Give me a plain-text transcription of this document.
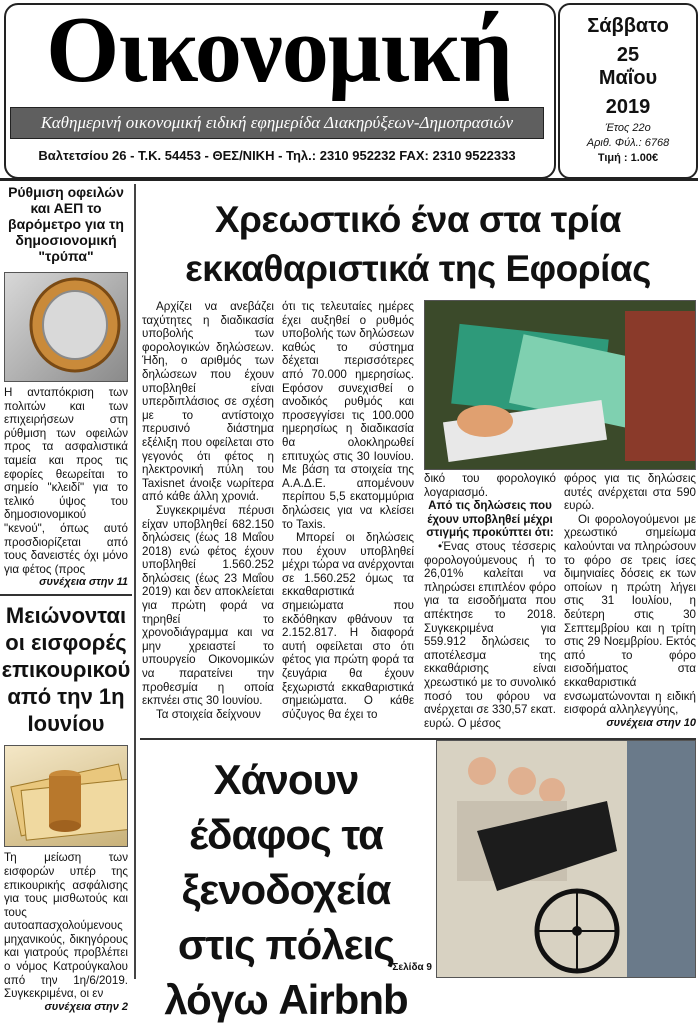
Οικονομική
Καθημερινή οικονομική ειδική εφημερίδα Διακηρύξεων-Δημοπρασιών
Βαλτετσίου 26 - Τ.Κ. 54453 - ΘΕΣ/ΝΙΚΗ - Τηλ.: 2310 952232 FAX: 2310 9522333
Σάββατο
25
Μαΐου
2019
Έτος 22ο
Αριθ. Φύλ.: 6768
Τιμή : 1.00€
Ρύθμιση οφειλών και ΑΕΠ το βαρόμετρο για τη δημοσιονομική "τρύπα"
Η ανταπόκριση των πολιτών και των επιχειρήσεων στη ρύθμιση των οφειλών προς τα ασφαλιστικά ταμεία και προς τις εφορίες θεωρείται το σημείο "κλειδί" για το τελικό ύψος του δημοσιονομικού "κενού", όπως αυτό προσδιορίζεται από τους δανειστές όχι μόνο για φέτος (προς
συνέχεια στην 11
Μειώνονται οι εισφορές επικουρικού από την 1η Ιουνίου
Τη μείωση των εισφορών υπέρ της επικουρικής ασφάλισης για τους μισθωτούς και τους αυτοαπασχολούμενους μηχανικούς, δικηγόρους και γιατρούς προβλέπει ο νόμος Κατρούγκαλου από την 1η/6/2019. Συγκεκριμένα, οι εν
συνέχεια στην 2
Χρεωστικό ένα στα τρία εκκαθαριστικά της Εφορίας

Αρχίζει να ανεβάζει ταχύτητες η διαδικασία υποβολής των φορολογικών δηλώσεων. Ήδη, ο αριθμός των δηλώσεων που έχουν υποβληθεί είναι υπερδιπλάσιος σε σχέση με το αντίστοιχο περυσινό διάστημα εξέλιξη που οφείλεται στο γεγονός ότι φέτος η ηλεκτρονική πύλη του Taxisnet άνοιξε νωρίτερα από κάθε άλλη χρονιά.

Συγκεκριμένα πέρυσι είχαν υποβληθεί 682.150 δηλώσεις (έως 18 Μαΐου 2018) ενώ φέτος έχουν υποβληθεί 1.560.252 δηλώσεις (έως 23 Μαΐου 2019) και δεν αποκλείεται για πρώτη φορά να τηρηθεί το χρονοδιάγραμμα και να μην χρειαστεί το υπουργείο Οικονομικών να παρατείνει την προθεσμία η οποία εκπνέει στις 30 Ιουνίου.

Τα στοιχεία δείχνουν

ότι τις τελευταίες ημέρες έχει αυξηθεί ο ρυθμός υποβολής των δηλώσεων καθώς το σύστημα δέχεται περισσότερες από 70.000 ημερησίως. Εφόσον συνεχισθεί ο ανοδικός ρυθμός και προσεγγίσει τις 100.000 ημερησίως η διαδικασία θα ολοκληρωθεί επιτυχώς στις 30 Ιουνίου. Με βάση τα στοιχεία της Α.Α.Δ.Ε. απομένουν περίπου 5,5 εκατομμύρια δηλώσεις για να κλείσει το Taxis.

Μπορεί οι δηλώσεις που έχουν υποβληθεί μέχρι τώρα να ανέρχονται σε 1.560.252 όμως τα εκκαθαριστικά σημειώματα που εκδόθηκαν φθάνουν τα 2.152.817. Η διαφορά αυτή οφείλεται στο ότι φέτος για πρώτη φορά τα ζευγάρια θα έχουν ξεχωριστά εκκαθαριστικά σημειώματα. Ο κάθε σύζυγος θα έχει το

δικό του φορολογικό λογαριασμό.

Από τις δηλώσεις που έχουν υποβληθεί μέχρι στιγμής προκύπτει ότι:

•Ένας στους τέσσερις φορολογούμενους ή το 26,01% καλείται να πληρώσει επιπλέον φόρο για τα εισοδήματα που απέκτησε το 2018. Συγκεκριμένα για 559.912 δηλώσεις το αποτέλεσμα της εκκαθάρισης είναι χρεωστικό με το συνολικό ποσό του φόρου να ανέρχεται σε 330,57 εκατ. ευρώ. Ο μέσος

φόρος για τις δηλώσεις αυτές ανέρχεται στα 590 ευρώ.

Οι φορολογούμενοι με χρεωστικό σημείωμα καλούνται να πληρώσουν το φόρο σε τρεις ίσες διμηνιαίες δόσεις εκ των οποίων η πρώτη λήγει στις 31 Ιουλίου, η δεύτερη στις 30 Σεπτεμβρίου και η τρίτη στις 29 Νοεμβρίου. Εκτός από το φόρο εισοδήματος στα εκκαθαριστικά ενσωματώνονται η ειδική εισφορά αλληλεγγύης,

συνέχεια στην 10
Χάνουν έδαφος τα ξενοδοχεία στις πόλεις λόγω Airbnb
Σελίδα 9
